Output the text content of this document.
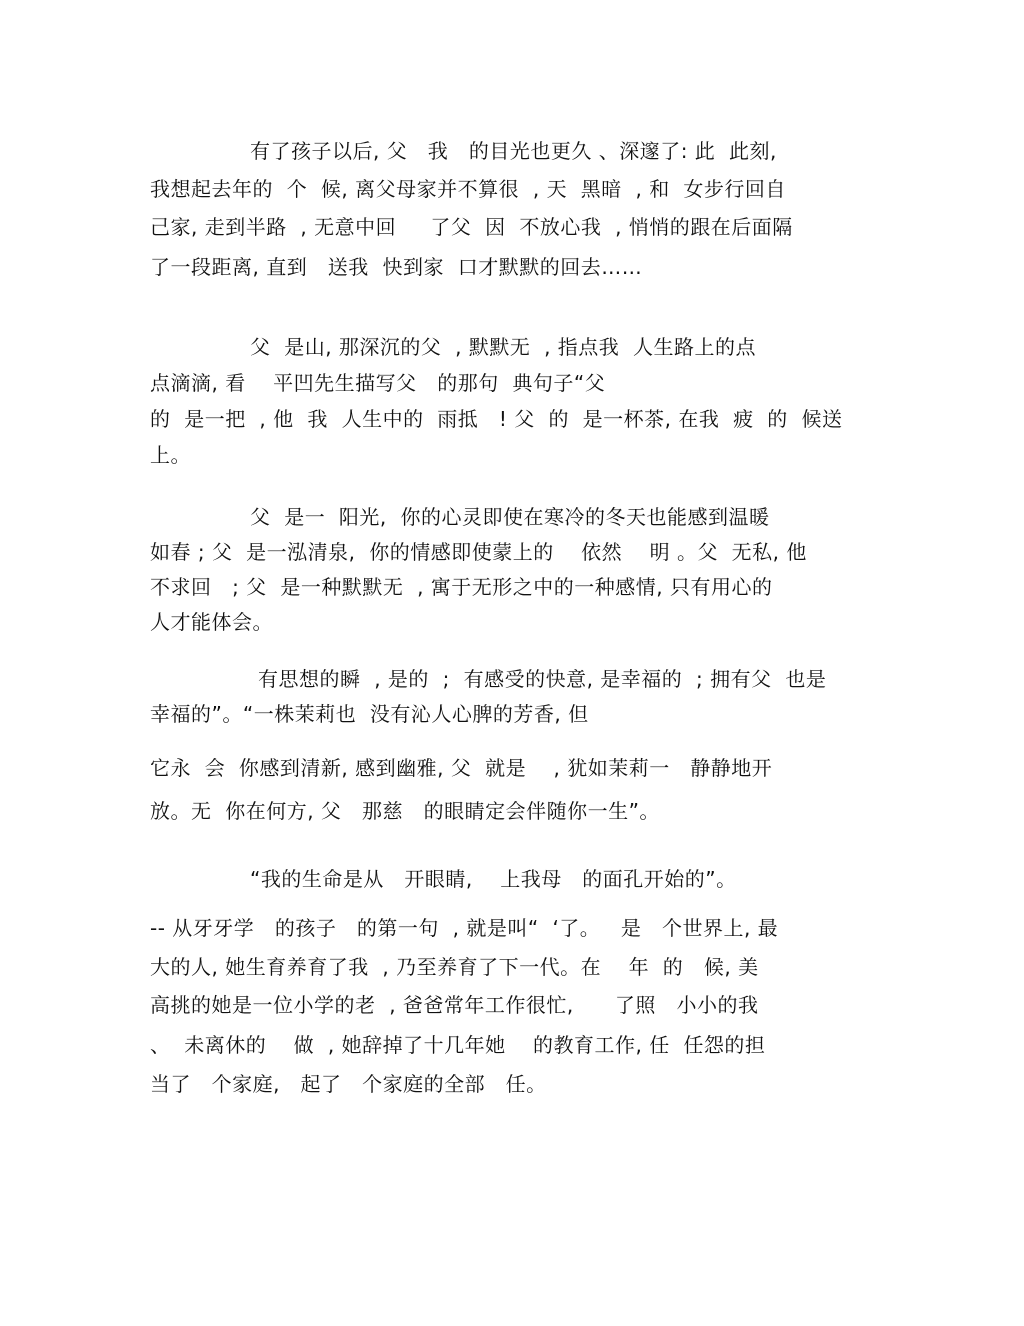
有了孩子以后, 父   我   的目光也更久 、深邃了: 此  此刻,
我想起去年的  个  候, 离父母家并不算很  , 天  黑暗  , 和  女步行回自
己家, 走到半路  , 无意中回     了父  因  不放心我  , 悄悄的跟在后面隔
了一段距离, 直到   送我  快到家  口才默默的回去……
父  是山, 那深沉的父  , 默默无  , 指点我  人生路上的点
点滴滴, 看    平凹先生描写父   的那句  典句子“父
的  是一把  , 他  我  人生中的  雨抵   ! 父  的  是一杯茶, 在我  疲  的  候送
上。
父  是一  阳光,  你的心灵即使在寒冷的冬天也能感到温暖
如春 ; 父  是一泓清泉,  你的情感即使蒙上的    依然    明 。父  无私, 他
不求回   ; 父  是一种默默无  , 寓于无形之中的一种感情, 只有用心的
人才能体会。
有思想的瞬  , 是的  ;  有感受的快意, 是幸福的  ; 拥有父  也是
幸福的”。“一株茉莉也  没有沁人心脾的芳香, 但
它永  会  你感到清新, 感到幽雅, 父  就是    , 犹如茉莉一   静静地开
放。无  你在何方, 父   那慈   的眼睛定会伴随你一生”。
“我的生命是从   开眼睛,    上我母   的面孔开始的”。
-- 从牙牙学   的孩子   的第一句  , 就是叫“  ‘了。   是   个世界上, 最
大的人, 她生育养育了我  , 乃至养育了下一代。在    年  的   候, 美
高挑的她是一位小学的老  , 爸爸常年工作很忙,      了照   小小的我
、  未离休的    做  , 她辞掉了十几年她    的教育工作, 任  任怨的担
当了   个家庭,   起了   个家庭的全部   任。
